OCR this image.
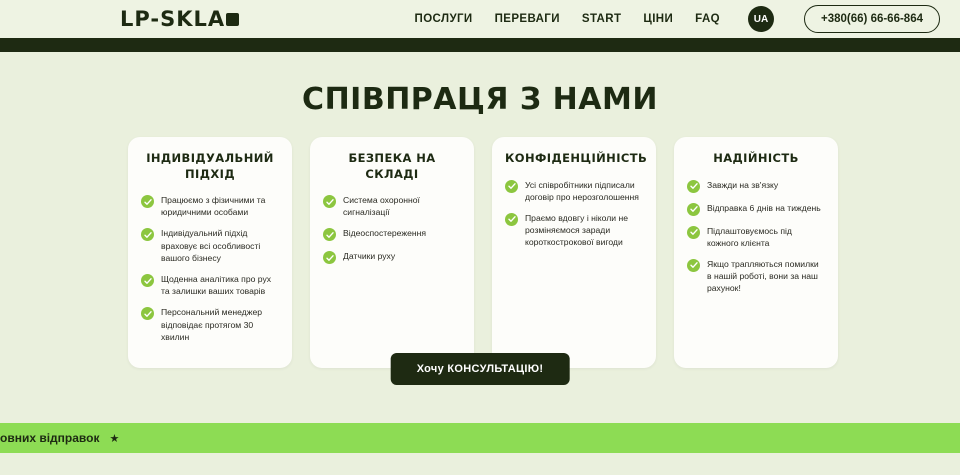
LP-SKLA	ПОСЛУГИ ПЕРЕВАГИ START ЦІНИ FAQ	UA	+380(66) 66-66-864
СПІВПРАЦЯ З НАМИ
ІНДИВІДУАЛЬНИЙ ПІДХІД
Працюємо з фізичними та юридичними особами
Індивідуальний підхід враховує всі особливості вашого бізнесу
Щоденна аналітика про рух та залишки ваших товарів
Персональний менеджер відповідає протягом 30 хвилин
БЕЗПЕКА НА СКЛАДІ
Система охоронної сигналізації
Відеоспостереження
Датчики руху
КОНФІДЕНЦІЙНІСТЬ
Усі співробітники підписали договір про нерозголошення
Праємо вдовгу і ніколи не розміняємося заради короткострокової вигоди
НАДІЙНІСТЬ
Завжди на зв'язку
Відправка 6 днів на тиждень
Підлаштовуємось під кожного клієнта
Якщо трапляються помилки в нашій роботі, вони за наш рахунок!
Хочу КОНСУЛЬТАЦІЮ!
овних відправок ★
